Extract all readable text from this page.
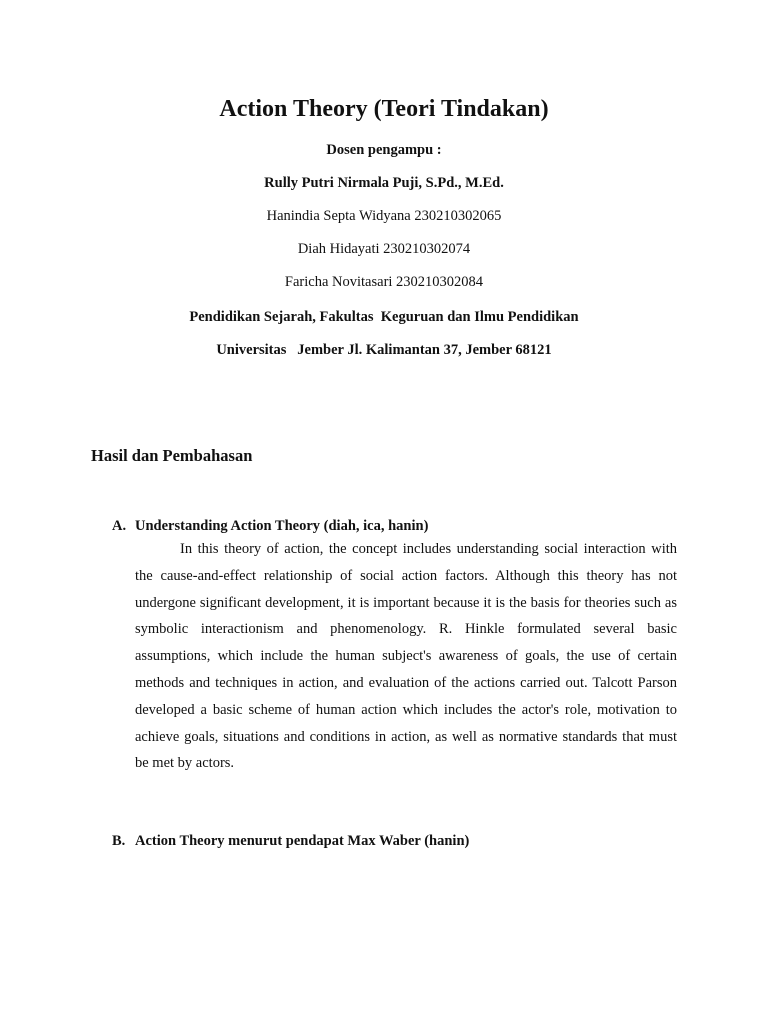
Action Theory (Teori Tindakan)
Dosen pengampu :
Rully Putri Nirmala Puji, S.Pd., M.Ed.
Hanindia Septa Widyana 230210302065
Diah Hidayati 230210302074
Faricha Novitasari 230210302084
Pendidikan Sejarah, Fakultas  Keguruan dan Ilmu Pendidikan
Universitas   Jember Jl. Kalimantan 37, Jember 68121
Hasil dan Pembahasan
A. Understanding Action Theory (diah, ica, hanin)

In this theory of action, the concept includes understanding social interaction with the cause-and-effect relationship of social action factors. Although this theory has not undergone significant development, it is important because it is the basis for theories such as symbolic interactionism and phenomenology. R. Hinkle formulated several basic assumptions, which include the human subject's awareness of goals, the use of certain methods and techniques in action, and evaluation of the actions carried out. Talcott Parson developed a basic scheme of human action which includes the actor's role, motivation to achieve goals, situations and conditions in action, as well as normative standards that must be met by actors.

B. Action Theory menurut pendapat Max Waber (hanin)
